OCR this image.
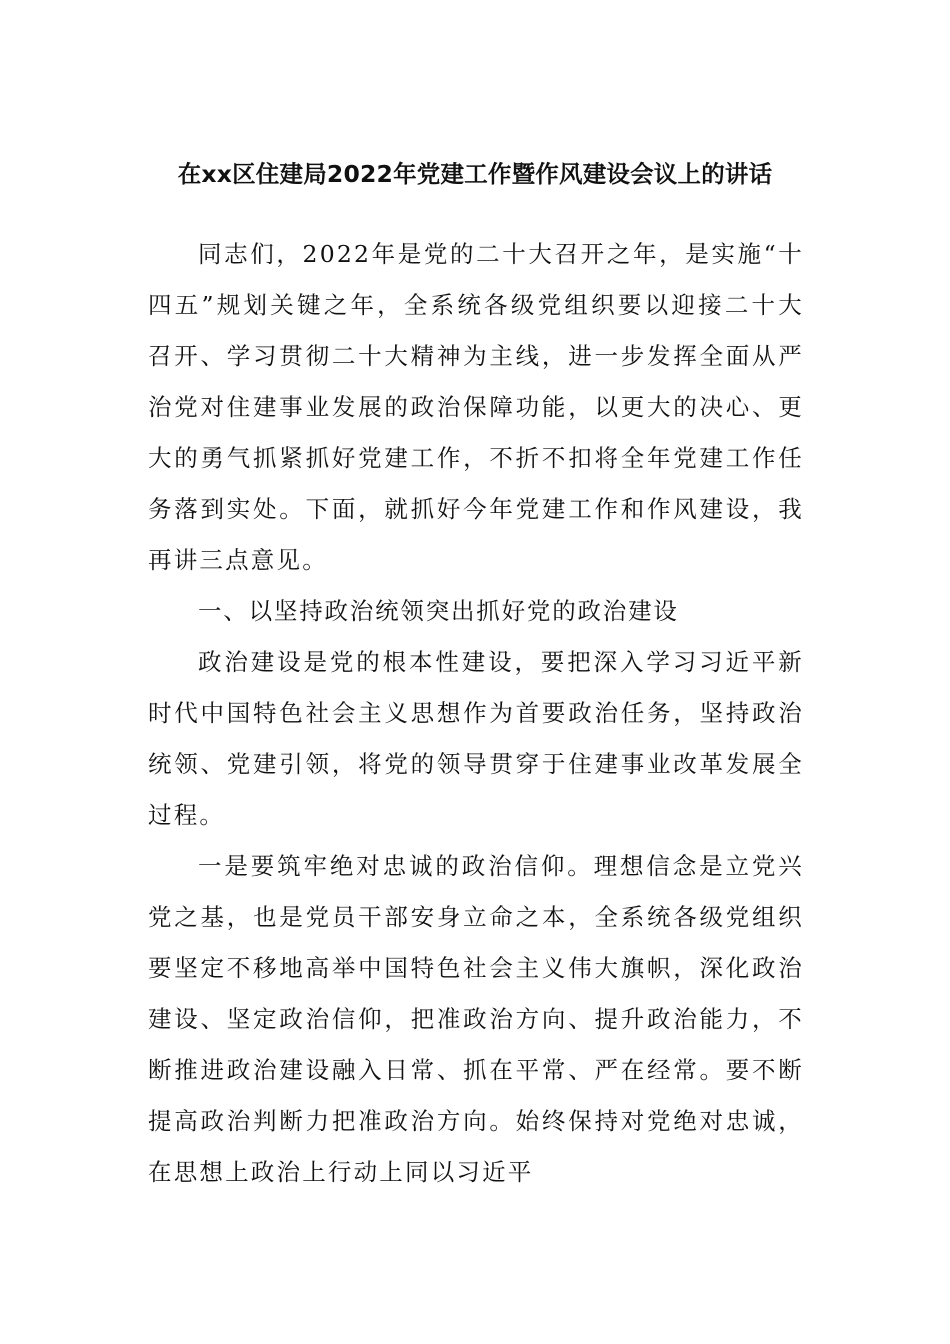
在xx区住建局2022年党建工作暨作风建设会议上的讲话

同志们，2022年是党的二十大召开之年，是实施“十四五”规划关键之年，全系统各级党组织要以迎接二十大召开、学习贯彻二十大精神为主线，进一步发挥全面从严治党对住建事业发展的政治保障功能，以更大的决心、更大的勇气抓紧抓好党建工作，不折不扣将全年党建工作任务落到实处。下面，就抓好今年党建工作和作风建设，我再讲三点意见。

一、以坚持政治统领突出抓好党的政治建设

政治建设是党的根本性建设，要把深入学习习近平新时代中国特色社会主义思想作为首要政治任务，坚持政治统领、党建引领，将党的领导贯穿于住建事业改革发展全过程。

一是要筑牢绝对忠诚的政治信仰。理想信念是立党兴党之基，也是党员干部安身立命之本，全系统各级党组织要坚定不移地高举中国特色社会主义伟大旗帜，深化政治建设、坚定政治信仰，把准政治方向、提升政治能力，不断推进政治建设融入日常、抓在平常、严在经常。要不断提高政治判断力把准政治方向。始终保持对党绝对忠诚，在思想上政治上行动上同以习近平
